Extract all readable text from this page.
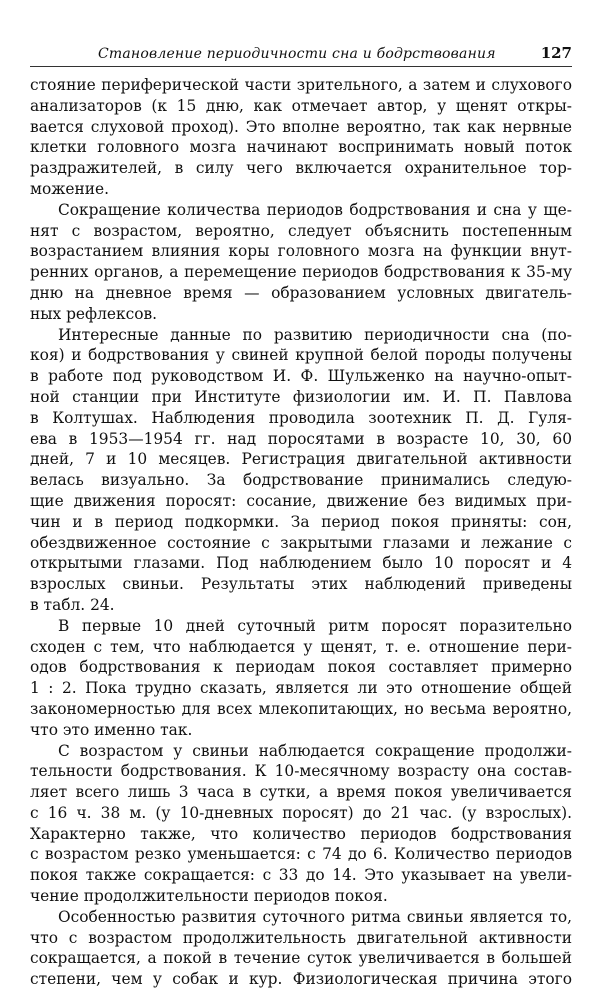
Становление периодичности сна и бодрствования	127
стояние периферической части зрительного, а затем и слухового
анализаторов (к 15 дню, как отмечает автор, у щенят откры-
вается слуховой проход). Это вполне вероятно, так как нервные
клетки головного мозга начинают воспринимать новый поток
раздражителей, в силу чего включается охранительное тор-
можение.
Сокращение количества периодов бодрствования и сна у щe-
нят с возрастом, вероятно, следует объяснить постепенным
возрастанием влияния коры головного мозга на функции внут-
ренних органов, а перемещение периодов бодрствования к 35-му
дню на дневное время — образованием условных двигатель-
ных рефлексов.
Интересные данные по развитию периодичности сна (по-
коя) и бодрствования у свиней крупной белой породы получены
в работе под руководством И. Ф. Шульженко на научно-опыт-
ной станции при Институте физиологии им. И. П. Павлова
в Колтушах. Наблюдения проводила зоотехник П. Д. Гуля-
ева в 1953—1954 гг. над поросятами в возрасте 10, 30, 60
дней, 7 и 10 месяцев. Регистрация двигательной активности
велась визуально. За бодрствование принимались следую-
щие движения поросят: сосание, движение без видимых при-
чин и в период подкормки. За период покоя приняты: сон,
обездвиженное состояние с закрытыми глазами и лежание с
открытыми глазами. Под наблюдением было 10 поросят и 4
взрослых свиньи. Результаты этих наблюдений приведены
в табл. 24.
В первые 10 дней суточный ритм поросят поразительно
сходен с тем, что наблюдается у щенят, т. е. отношение пери-
одов бодрствования к периодам покоя составляет примерно
1 : 2. Пока трудно сказать, является ли это отношение общей
закономерностью для всех млекопитающих, но весьма вероятно,
что это именно так.
С возрастом у свиньи наблюдается сокращение продолжи-
тельности бодрствования. К 10-месячному возрасту она состав-
ляет всего лишь 3 часа в сутки, а время покоя увеличивается
с 16 ч. 38 м. (у 10-дневных поросят) до 21 час. (у взрослых).
Характерно также, что количество периодов бодрствования
с возрастом резко уменьшается: с 74 до 6. Количество периодов
покоя также сокращается: с 33 до 14. Это указывает на увели-
чение продолжительности периодов покоя.
Особенностью развития суточного ритма свиньи является то,
что с возрастом продолжительность двигательной активности
сокращается, а покой в течение суток увеличивается в большей
степени, чем у собак и кур. Физиологическая причина этого
